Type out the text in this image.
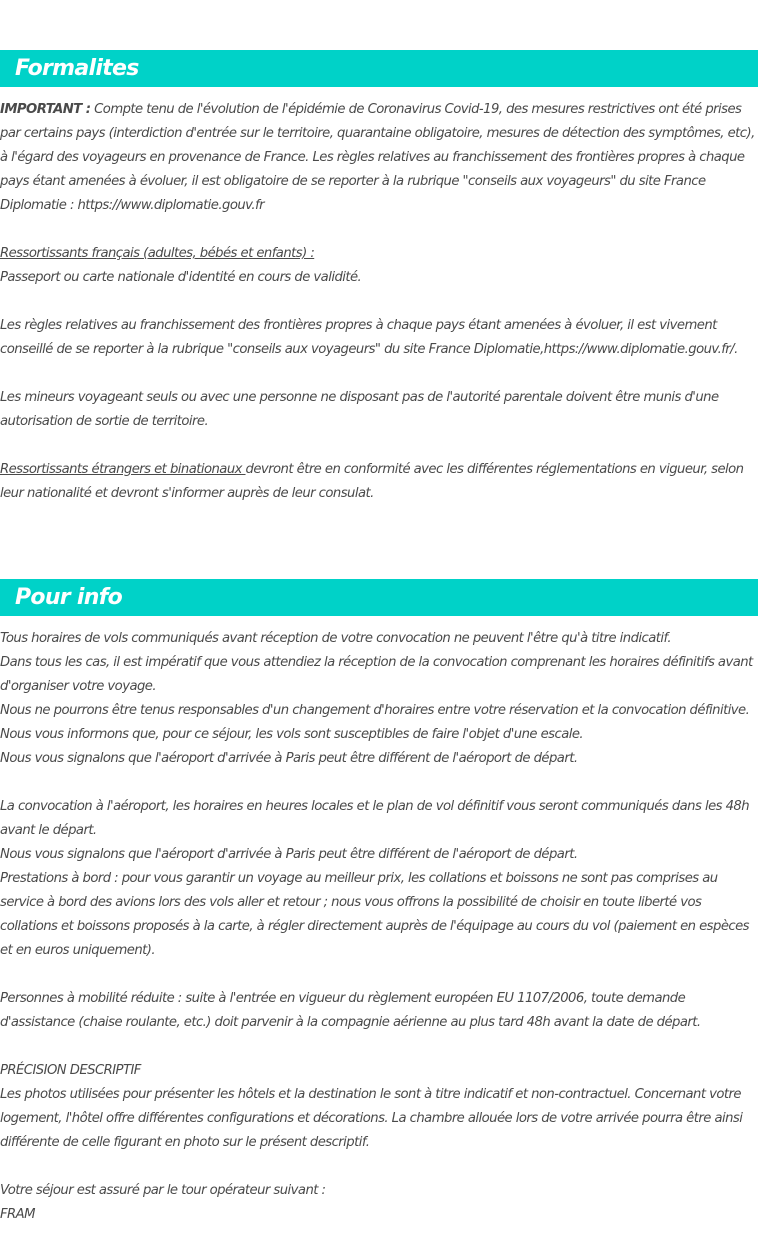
Formalites

IMPORTANT : Compte tenu de l'évolution de l'épidémie de Coronavirus Covid-19, des mesures restrictives ont été prises par certains pays (interdiction d'entrée sur le territoire, quarantaine obligatoire, mesures de détection des symptômes, etc), à l'égard des voyageurs en provenance de France. Les règles relatives au franchissement des frontières propres à chaque pays étant amenées à évoluer, il est obligatoire de se reporter à la rubrique "conseils aux voyageurs" du site France Diplomatie : https://www.diplomatie.gouv.fr

Ressortissants français (adultes, bébés et enfants) :

Passeport ou carte nationale d'identité en cours de validité.

Les règles relatives au franchissement des frontières propres à chaque pays étant amenées à évoluer, il est vivement conseillé de se reporter à la rubrique "conseils aux voyageurs" du site France Diplomatie,https://www.diplomatie.gouv.fr/.

Les mineurs voyageant seuls ou avec une personne ne disposant pas de l'autorité parentale doivent être munis d'une autorisation de sortie de territoire.

Ressortissants étrangers et binationaux devront être en conformité avec les différentes réglementations en vigueur, selon leur nationalité et devront s'informer auprès de leur consulat.

Pour info

Tous horaires de vols communiqués avant réception de votre convocation ne peuvent l'être qu'à titre indicatif.

Dans tous les cas, il est impératif que vous attendiez la réception de la convocation comprenant les horaires définitifs avant d'organiser votre voyage.

Nous ne pourrons être tenus responsables d'un changement d'horaires entre votre réservation et la convocation définitive.

Nous vous informons que, pour ce séjour, les vols sont susceptibles de faire l'objet d'une escale.

Nous vous signalons que l'aéroport d'arrivée à Paris peut être différent de l'aéroport de départ.

La convocation à l'aéroport, les horaires en heures locales et le plan de vol définitif vous seront communiqués dans les 48h avant le départ.

Nous vous signalons que l'aéroport d'arrivée à Paris peut être différent de l'aéroport de départ.

Prestations à bord : pour vous garantir un voyage au meilleur prix, les collations et boissons ne sont pas comprises au service à bord des avions lors des vols aller et retour ; nous vous offrons la possibilité de choisir en toute liberté vos collations et boissons proposés à la carte, à régler directement auprès de l'équipage au cours du vol (paiement en espèces et en euros uniquement).

Personnes à mobilité réduite : suite à l'entrée en vigueur du règlement européen EU 1107/2006, toute demande d'assistance (chaise roulante, etc.) doit parvenir à la compagnie aérienne au plus tard 48h avant la date de départ.

PRÉCISION DESCRIPTIF

Les photos utilisées pour présenter les hôtels et la destination le sont à titre indicatif et non-contractuel. Concernant votre logement, l'hôtel offre différentes configurations et décorations. La chambre allouée lors de votre arrivée pourra être ainsi différente de celle figurant en photo sur le présent descriptif.

Votre séjour est assuré par le tour opérateur suivant :

FRAM
